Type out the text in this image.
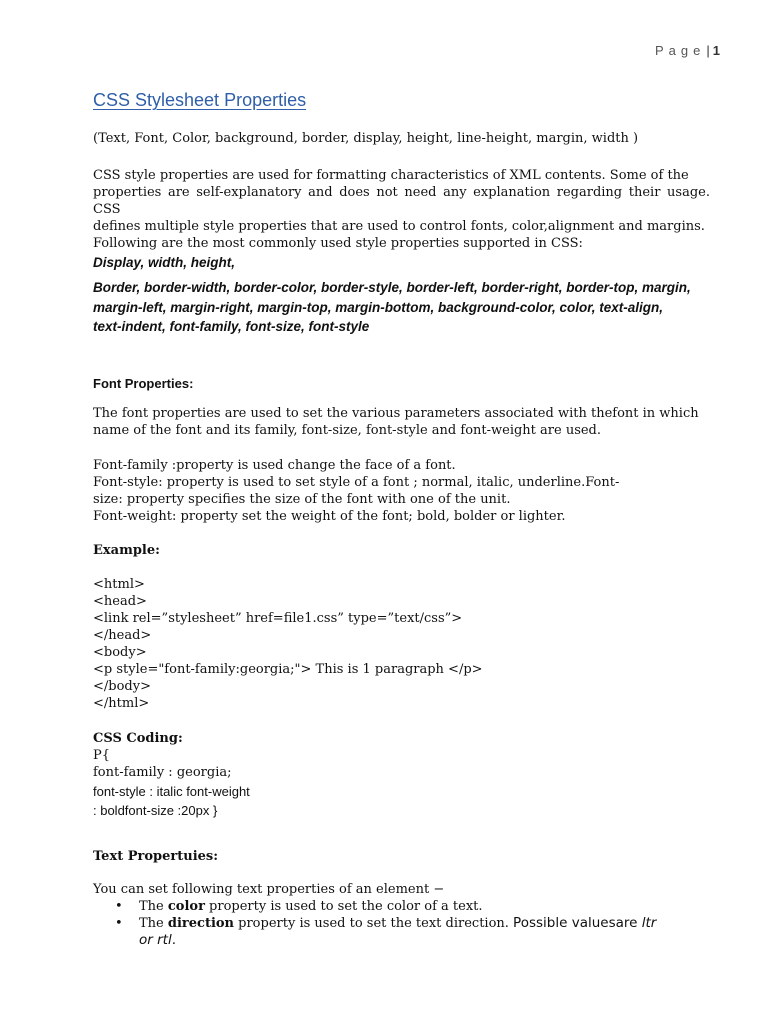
Page| 1
CSS Stylesheet Properties
(Text, Font, Color, background, border, display, height, line-height, margin, width )
CSS style properties are used for formatting characteristics of XML contents. Some of the
properties are self-explanatory and does not need any explanation regarding their usage. CSS
defines multiple style properties that are used to control fonts, color,alignment and margins.
Following are the most commonly used style properties supported in CSS:
Display, width, height,
Border, border-width, border-color, border-style, border-left, border-right, border-top, margin,
margin-left, margin-right, margin-top, margin-bottom, background-color, color, text-align,
text-indent, font-family, font-size, font-style
Font Properties:
The font properties are used to set the various parameters associated with thefont in which
name of the font and its family, font-size, font-style and font-weight are used.
Font-family :property is used change the face of a font.
Font-style: property is used to set style of a font ; normal, italic, underline.Font-
size: property specifies the size of the font with one of the unit.
Font-weight: property set the weight of the font; bold, bolder or lighter.
Example:
<html>
<head>
<link rel=”stylesheet” href=file1.css” type=”text/css”>
</head>
<body>
<p style="font-family:georgia;"> This is 1 paragraph </p>
</body>
</html>
CSS Coding:
P{
font-family : georgia;
font-style : italic font-weight
: boldfont-size :20px }
Text Propertuies:
You can set following text properties of an element −
• The color property is used to set the color of a text.
• The direction property is used to set the text direction. Possible valuesare ltr
or rtl.
